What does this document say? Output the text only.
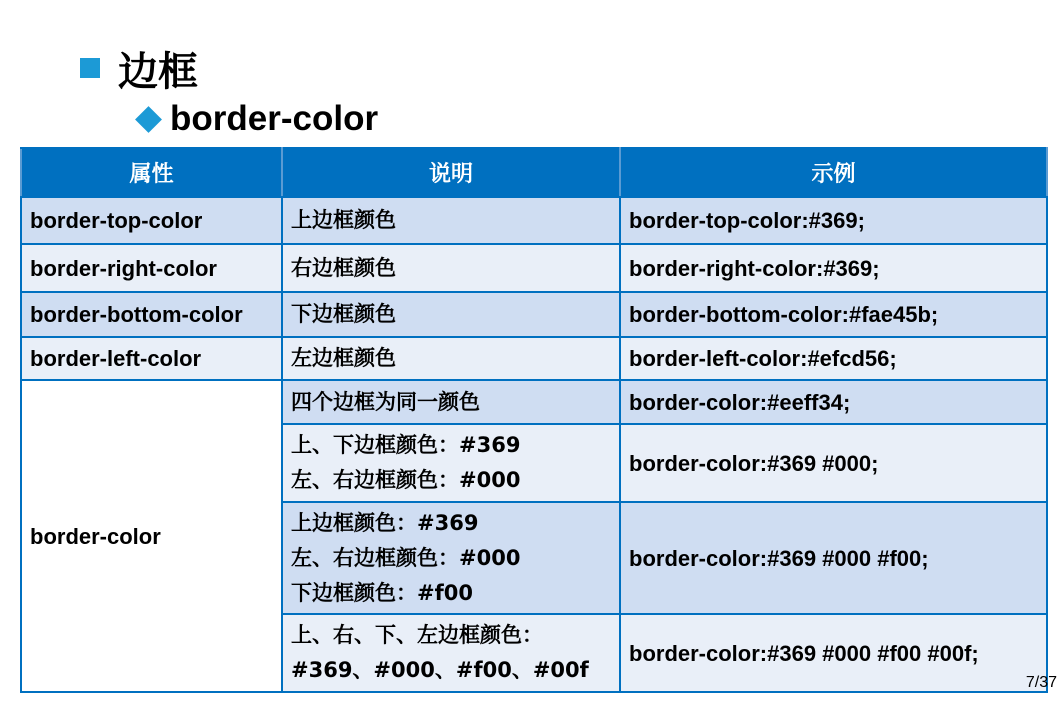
边框
border-color
属性	说明	示例
border-top-color	上边框颜色	border-top-color:#369;
border-right-color	右边框颜色	border-right-color:#369;
border-bottom-color	下边框颜色	border-bottom-color:#fae45b;
border-left-color	左边框颜色	border-left-color:#efcd56;
border-color	四个边框为同一颜色	border-color:#eeff34;

	上、下边框颜色：#369
左、右边框颜色：#000	border-color:#369 #000;

	上边框颜色：#369
左、右边框颜色：#000
下边框颜色：#f00	border-color:#369 #000 #f00;

	上、右、下、左边框颜色：
#369、#000、#f00、#00f	border-color:#369 #000 #f00 #00f;
7/37
